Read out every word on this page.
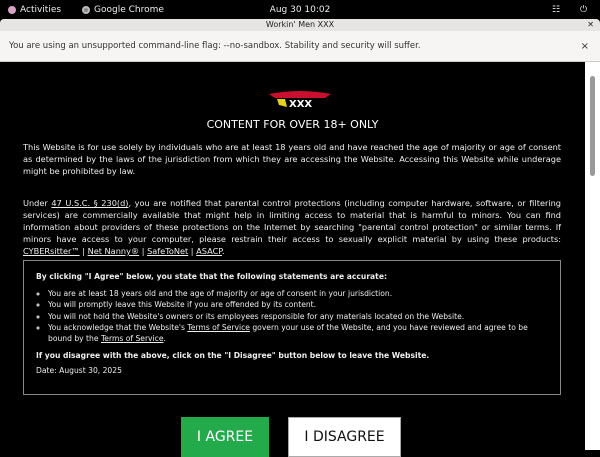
Activities	Google Chrome	Aug 30 10:02	☷ ⏻
Workin' Men XXX	✕
You are using an unsupported command-line flag: --no-sandbox. Stability and security will suffer.	×
XXX
CONTENT FOR OVER 18+ ONLY

This Website is for use solely by individuals who are at least 18 years old and have reached the age of majority or age of consent as determined by the laws of the jurisdiction from which they are accessing the Website. Accessing this Website while underage might be prohibited by law.

Under 47 U.S.C. § 230(d), you are notified that parental control protections (including computer hardware, software, or filtering services) are commercially available that might help in limiting access to material that is harmful to minors. You can find information about providers of these protections on the Internet by searching "parental control protection" or similar terms. If minors have access to your computer, please restrain their access to sexually explicit material by using these products: CYBERsitter™ | Net Nanny® | SafeToNet | ASACP.

By clicking "I Agree" below, you state that the following statements are accurate:
◦ You are at least 18 years old and the age of majority or age of consent in your jurisdiction.
◦ You will promptly leave this Website if you are offended by its content.
◦ You will not hold the Website's owners or its employees responsible for any materials located on the Website.
◦ You acknowledge that the Website's Terms of Service govern your use of the Website, and you have reviewed and agree to be bound by the Terms of Service.
If you disagree with the above, click on the "I Disagree" button below to leave the Website.
Date: August 30, 2025
I AGREE	I DISAGREE
